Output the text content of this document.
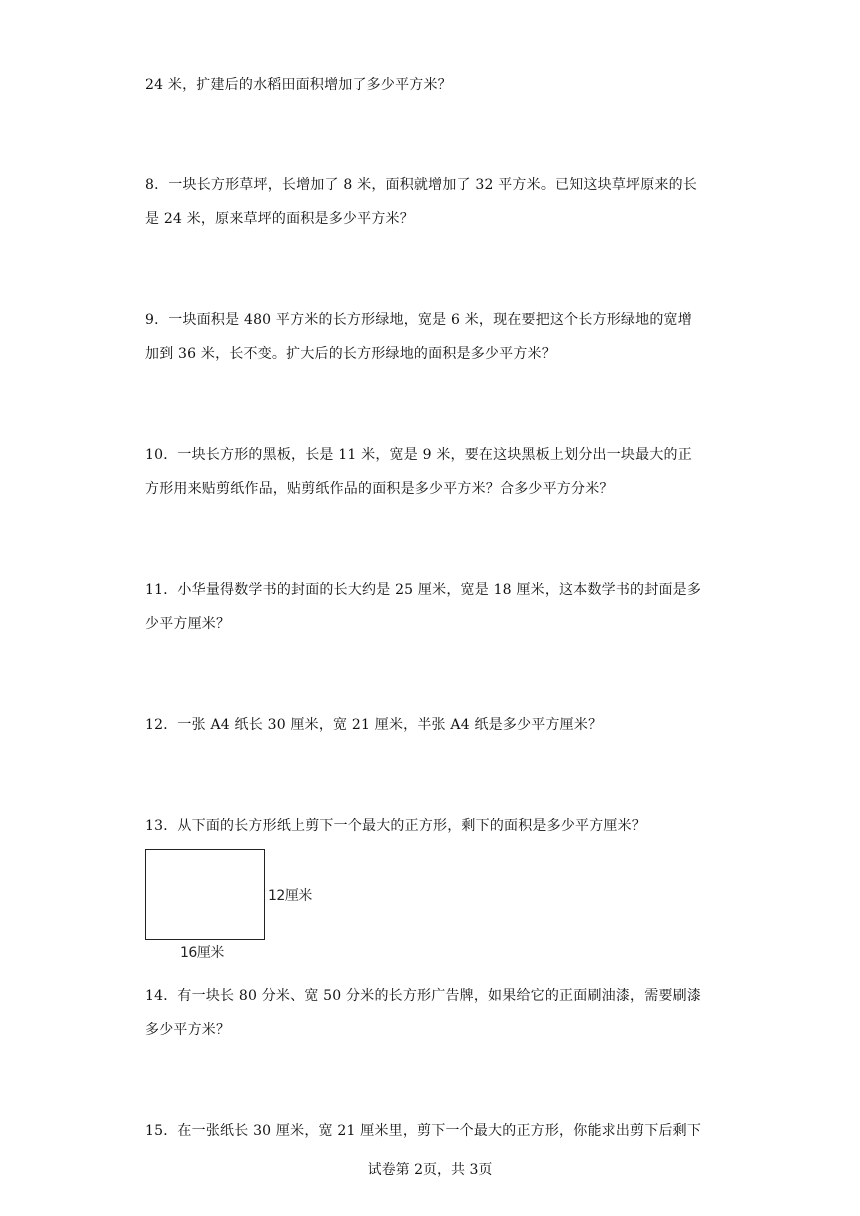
24 米，扩建后的水稻田面积增加了多少平方米？
8．一块长方形草坪，长增加了 8 米，面积就增加了 32 平方米。已知这块草坪原来的长
是 24 米，原来草坪的面积是多少平方米？
9．一块面积是 480 平方米的长方形绿地，宽是 6 米，现在要把这个长方形绿地的宽增
加到 36 米，长不变。扩大后的长方形绿地的面积是多少平方米？
10．一块长方形的黑板，长是 11 米，宽是 9 米，要在这块黑板上划分出一块最大的正
方形用来贴剪纸作品，贴剪纸作品的面积是多少平方米？合多少平方分米？
11．小华量得数学书的封面的长大约是 25 厘米，宽是 18 厘米，这本数学书的封面是多
少平方厘米？
12．一张 A4 纸长 30 厘米，宽 21 厘米，半张 A4 纸是多少平方厘米？
13．从下面的长方形纸上剪下一个最大的正方形，剩下的面积是多少平方厘米？
12厘米
16厘米
14．有一块长 80 分米、宽 50 分米的长方形广告牌，如果给它的正面刷油漆，需要刷漆
多少平方米？
15．在一张纸长 30 厘米，宽 21 厘米里，剪下一个最大的正方形，你能求出剪下后剩下
试卷第 2页，共 3页
